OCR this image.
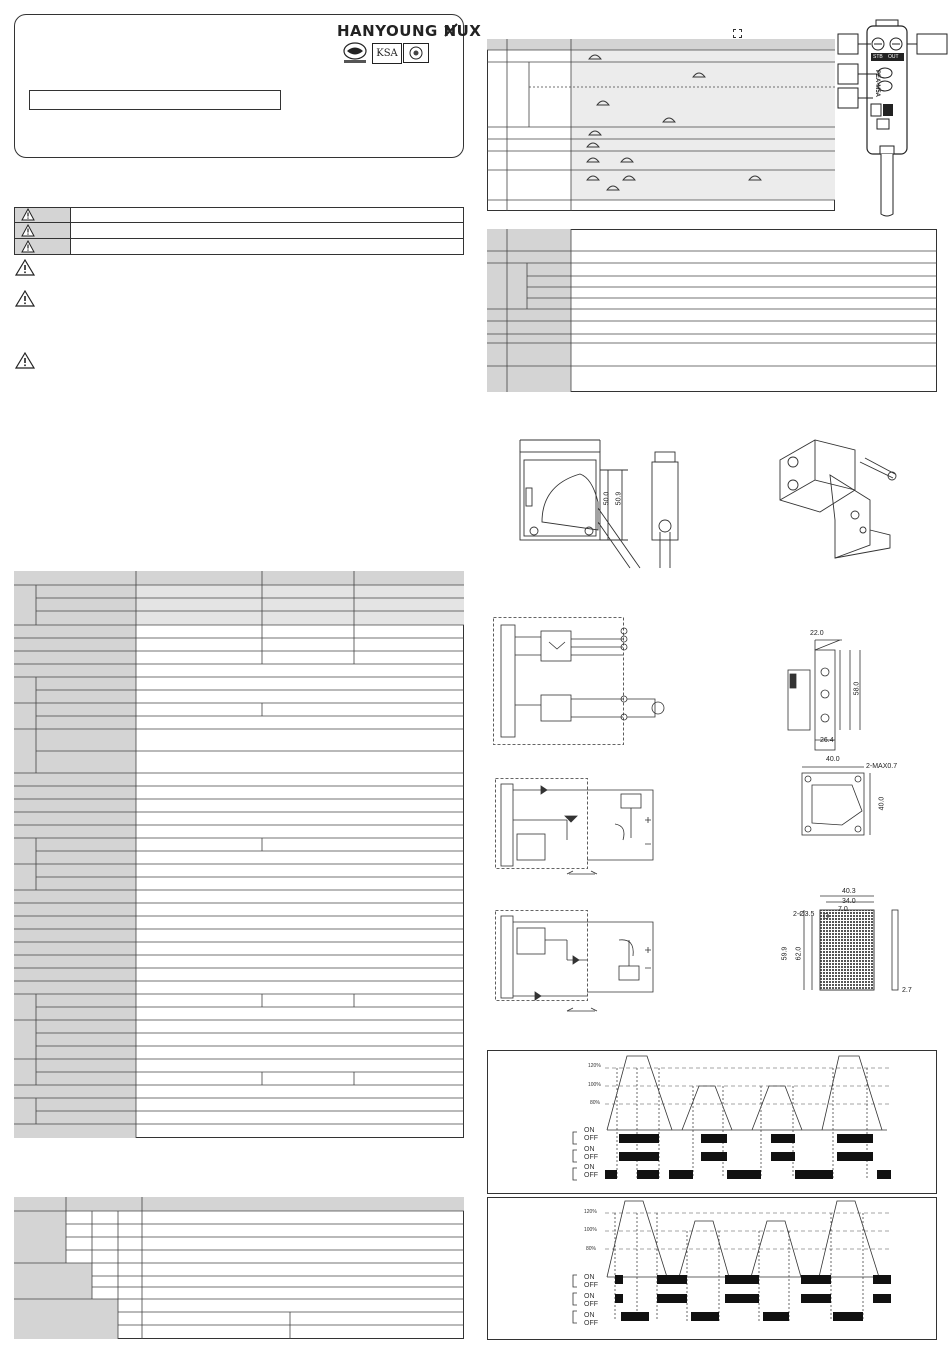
HANYOUNG NUX
KSA
PEA-M5A
STB OUT
50.0 50.9
22.0
58.0
26.4
40.0
2-MAX0.7
40.0
40.3
34.0
2-Ø3.5
7.0
59.9 62.0
2.7
120%
100%
80%
ON
OFF
ON
OFF
ON
OFF
120%
100%
80%
ON
OFF
ON
OFF
ON
OFF
